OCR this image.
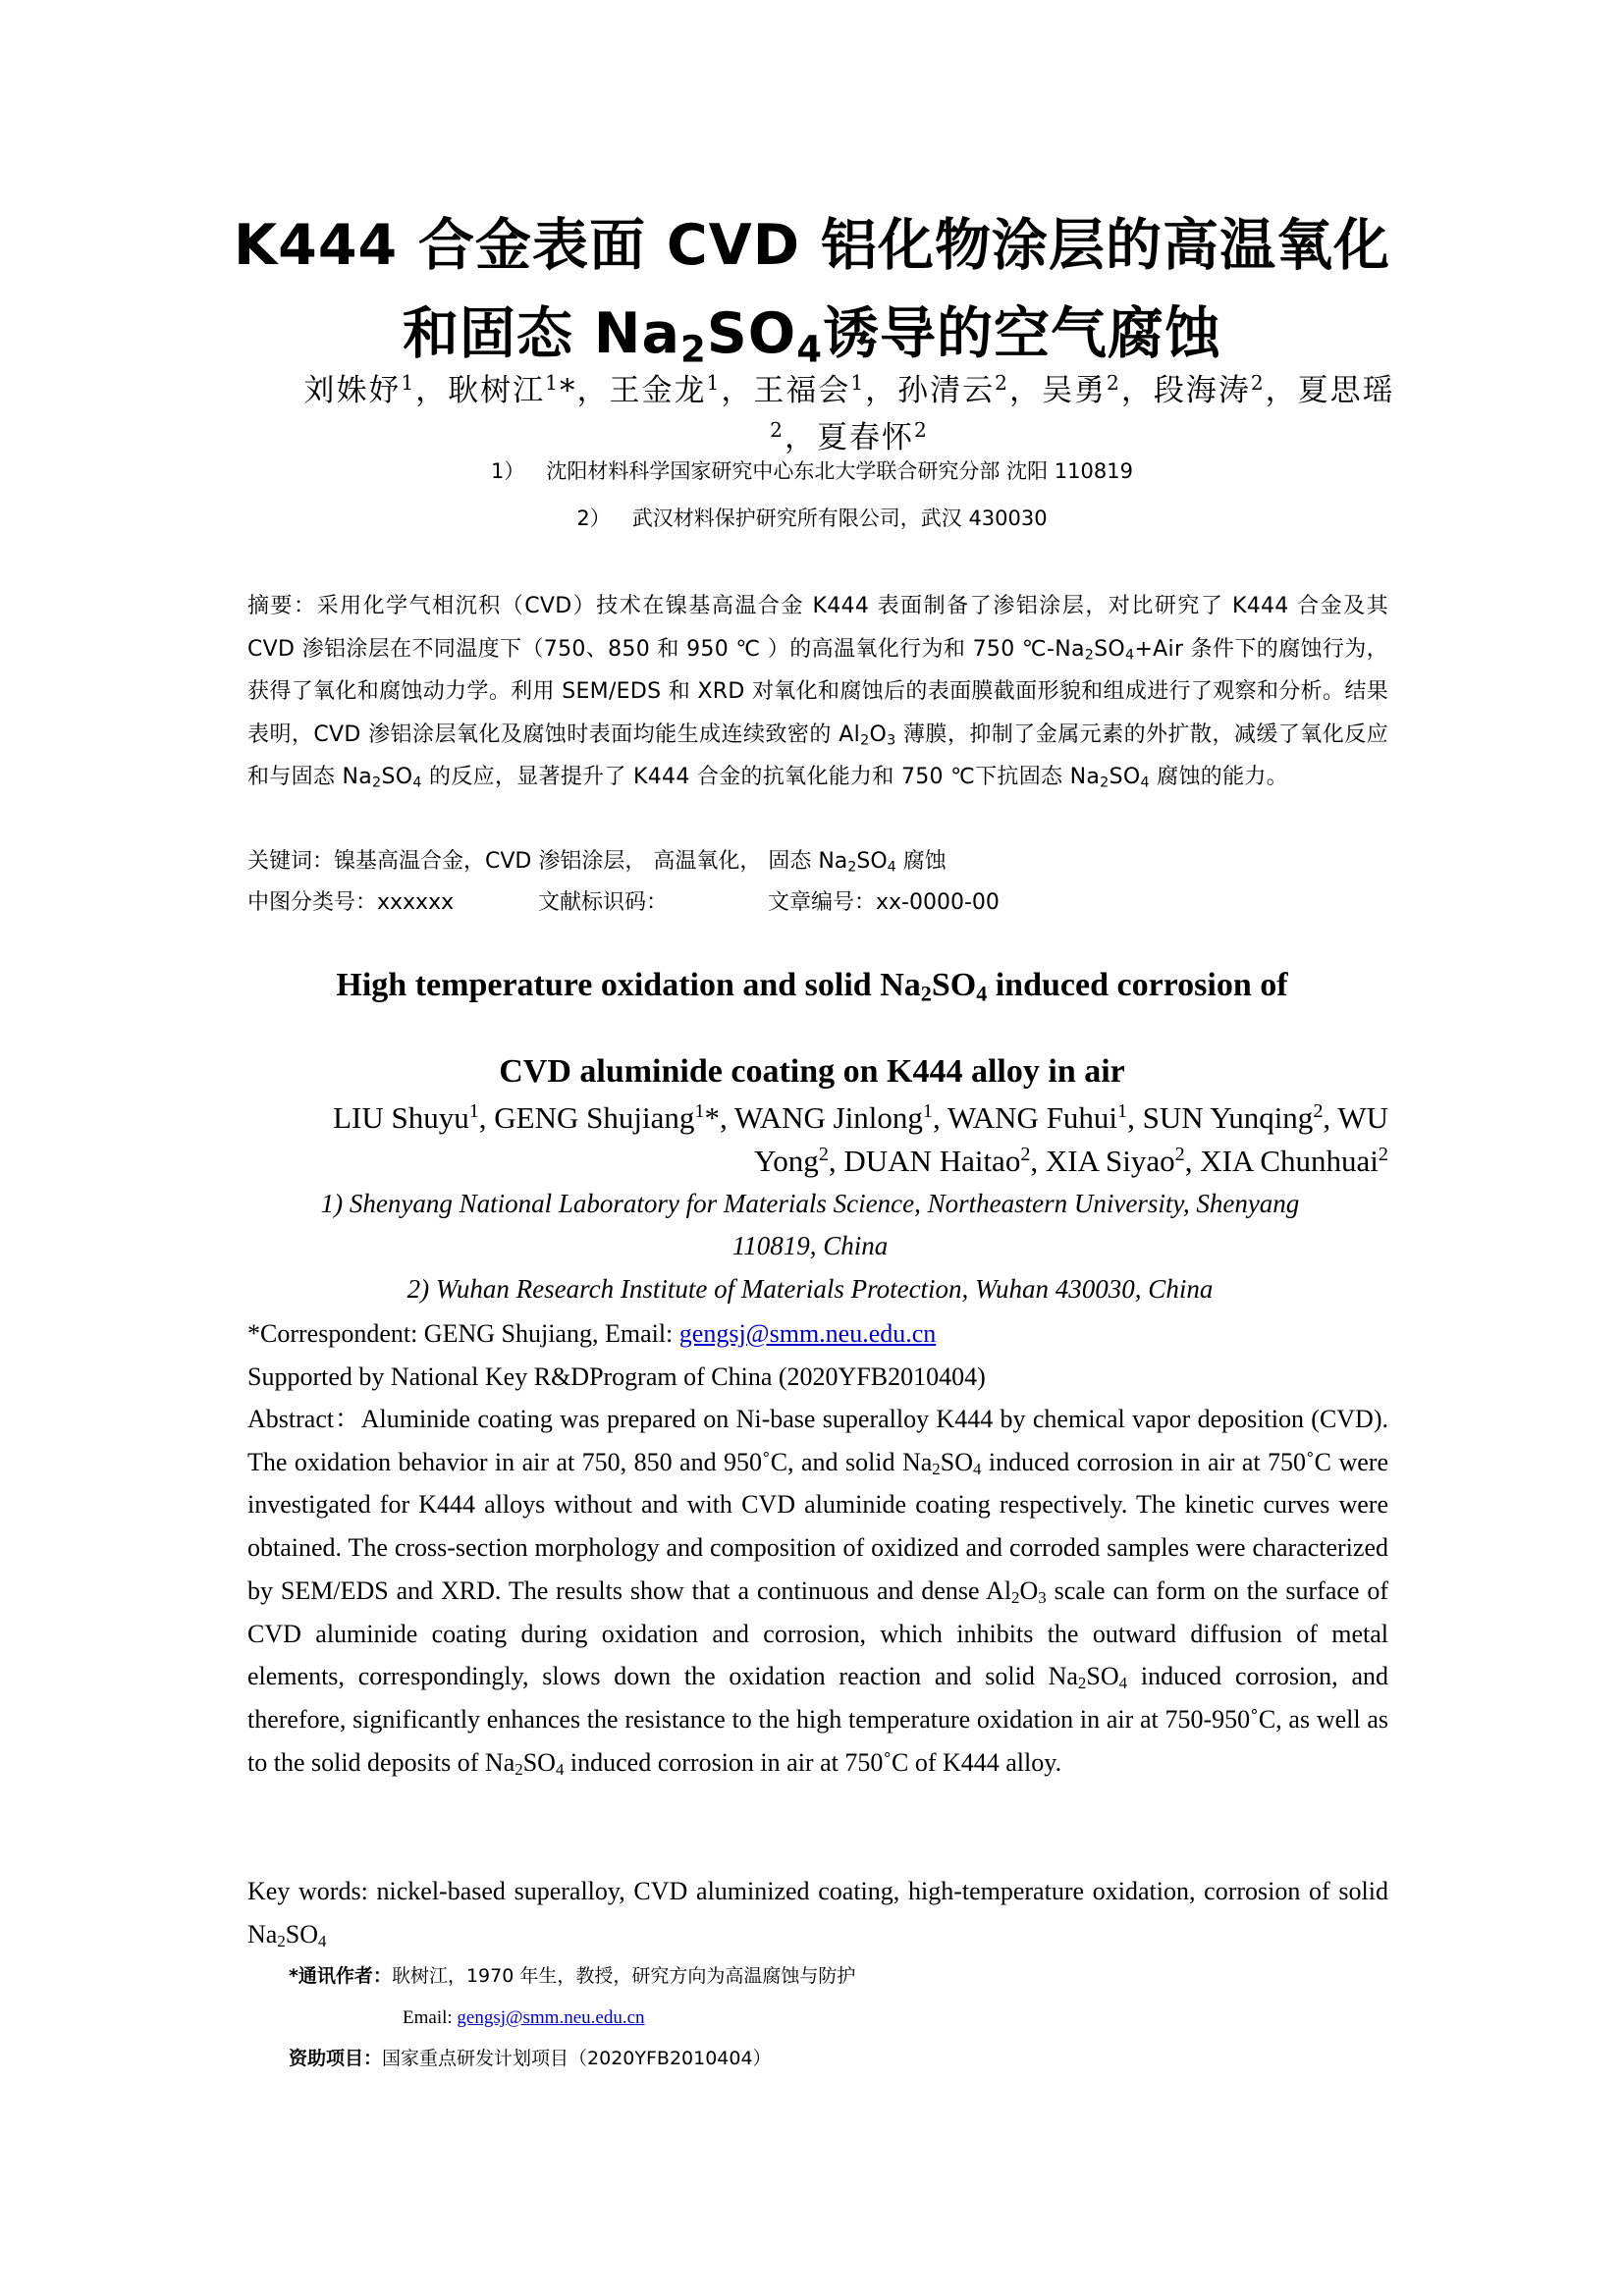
K444 合金表面 CVD 铝化物涂层的高温氧化
和固态 $Na_2SO_4$诱导的空气腐蚀
刘姝妤$^1$，耿树江$^1$*，王金龙$^1$，王福会$^1$，孙清云$^2$，吴勇$^2$，段海涛$^2$，夏思瑶$^2$，夏春怀$^2$
1） 沈阳材料科学国家研究中心东北大学联合研究分部 沈阳 110819
2） 武汉材料保护研究所有限公司，武汉 430030
摘要：采用化学气相沉积（CVD）技术在镍基高温合金 K444 表面制备了渗铝涂层，对比研究了 K444 合金及其 CVD 渗铝涂层在不同温度下（750、850 和 950 ℃ ）的高温氧化行为和 750 $℃-Na_2SO_4+Air$ 条件下的腐蚀行为，获得了氧化和腐蚀动力学。利用 SEM/EDS 和 XRD 对氧化和腐蚀后的表面膜截面形貌和组成进行了观察和分析。结果表明，CVD 渗铝涂层氧化及腐蚀时表面均能生成连续致密的 $Al_2O_3$ 薄膜，抑制了金属元素的外扩散，减缓了氧化反应和与固态 $Na_2SO_4$ 的反应，显著提升了 K444 合金的抗氧化能力和 750 ℃下抗固态 $Na_2SO_4$ 腐蚀的能力。
关键词：镍基高温合金，CVD 渗铝涂层， 高温氧化， 固态 $Na_2SO_4$ 腐蚀
中图分类号：xxxxxx	文献标识码：	文章编号：xx-0000-00
High temperature oxidation and solid $Na_2SO_4$ induced corrosion of
CVD aluminide coating on K444 alloy in air
LIU Shuyu$^1$, GENG Shujiang$^1$*, WANG Jinlong$^1$, WANG Fuhui$^1$, SUN Yunqing$^2$, WU Yong$^2$, DUAN Haitao$^2$, XIA Siyao$^2$, XIA Chunhuai$^2$
1) Shenyang National Laboratory for Materials Science, Northeastern University, Shenyang
110819, China
2) Wuhan Research Institute of Materials Protection, Wuhan 430030, China
*Correspondent: GENG Shujiang, Email: gengsj@smm.neu.edu.cn
Supported by National Key R&DProgram of China (2020YFB2010404)
Abstract：Aluminide coating was prepared on Ni-base superalloy K444 by chemical vapor deposition (CVD). The oxidation behavior in air at 750, 850 and 950˚C, and solid $Na_2SO_4$ induced corrosion in air at 750˚C were investigated for K444 alloys without and with CVD aluminide coating respectively. The kinetic curves were obtained. The cross-section morphology and composition of oxidized and corroded samples were characterized by SEM/EDS and XRD. The results show that a continuous and dense $Al_2O_3$ scale can form on the surface of CVD aluminide coating during oxidation and corrosion, which inhibits the outward diffusion of metal elements, correspondingly, slows down the oxidation reaction and solid $Na_2SO_4$ induced corrosion, and therefore, significantly enhances the resistance to the high temperature oxidation in air at 750-950˚C, as well as to the solid deposits of $Na_2SO_4$ induced corrosion in air at 750˚C of K444 alloy.
Key words: nickel-based superalloy, CVD aluminized coating, high-temperature oxidation, corrosion of solid $Na_2SO_4$
*通讯作者：耿树江，1970 年生，教授，研究方向为高温腐蚀与防护
Email: gengsj@smm.neu.edu.cn
资助项目：国家重点研发计划项目（2020YFB2010404）
